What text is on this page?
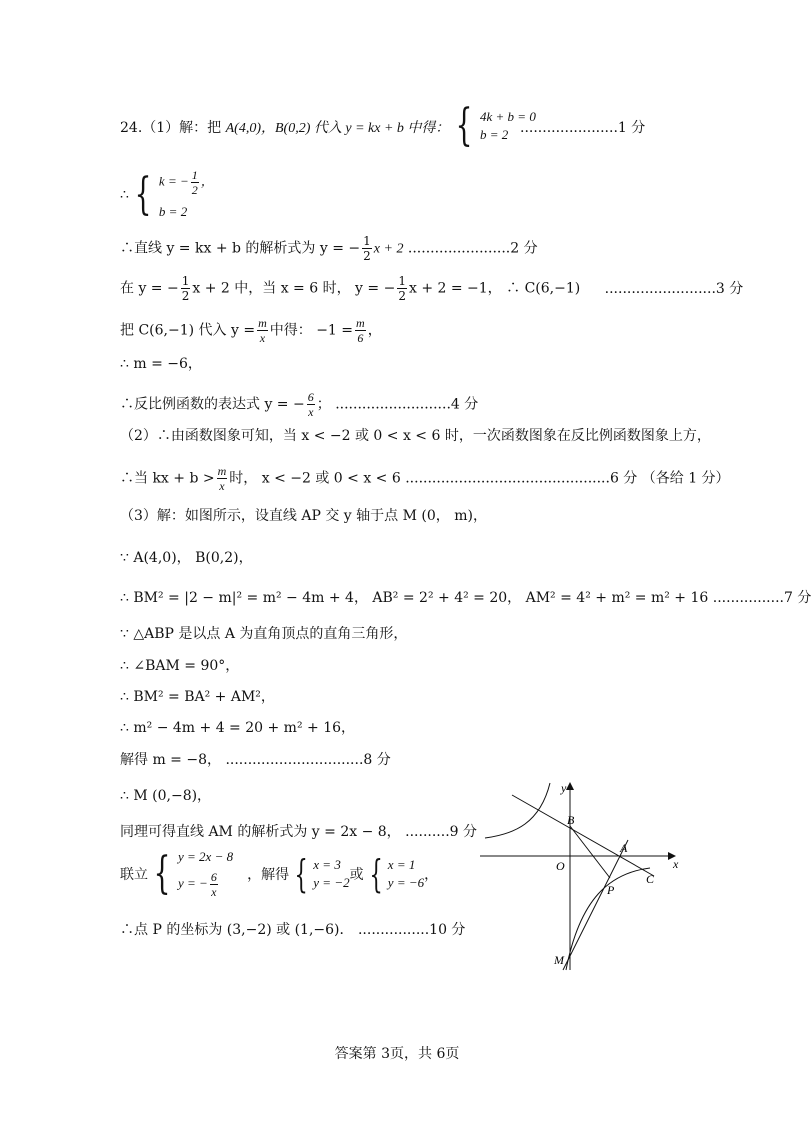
24.（1）解：把 A(4,0)，B(0,2) 代入 y = kx + b 中得： { 4k + b = 0
b = 2 ......................1 分
∴ { k = − $\frac{1}{2}$ ，
b = 2
∴直线 y = kx + b 的解析式为 y = − $\frac{1}{2}$ x + 2 .......................2 分
在 y = − $\frac{1}{2}$ x + 2 中，当 x = 6 时， y = − $\frac{1}{2}$ x + 2 = −1， ∴ C(6,−1) .........................3 分
把 C(6,−1) 代入 $y = \frac{m}{x}$ 中得： $-1 = \frac{m}{6}$ ，
∴ m = −6，
∴反比例函数的表达式 y = − $\frac{6}{x}$ ； ..........................4 分
（2）∴由函数图象可知，当 x < −2 或 0 < x < 6 时，一次函数图象在反比例函数图象上方，
∴当 kx + $b > \frac{m}{x}$ 时， x < −2 或 0 < x < 6 ..............................................6 分 （各给 1 分）
（3）解：如图所示，设直线 AP 交 y 轴于点 M (0， m)，
∵ A(4,0)， B(0,2)，
∴ BM² = |2 − m|² = m² − 4m + 4， AB² = 2² + 4² = 20， AM² = 4² + m² = m² + 16 ................7 分
∵ △ABP 是以点 A 为直角顶点的直角三角形，
∴ ∠BAM = 90°，
∴ BM² = BA² + AM²，
∴ m² − 4m + 4 = 20 + m² + 16，
解得 m = −8， ...............................8 分
∴ M (0,−8)，
同理可得直线 AM 的解析式为 y = 2x − 8， ..........9 分
联立 { y = 2x − 8
y = − $\frac{6}{x}$ ，解得 { x = 3
y = −2 或 { x = 1
y = −6 ，
∴点 P 的坐标为 (3,−2) 或 (1,−6)． ................10 分
y
x
O
A
B
C
P
M
答案第 3页，共 6页
